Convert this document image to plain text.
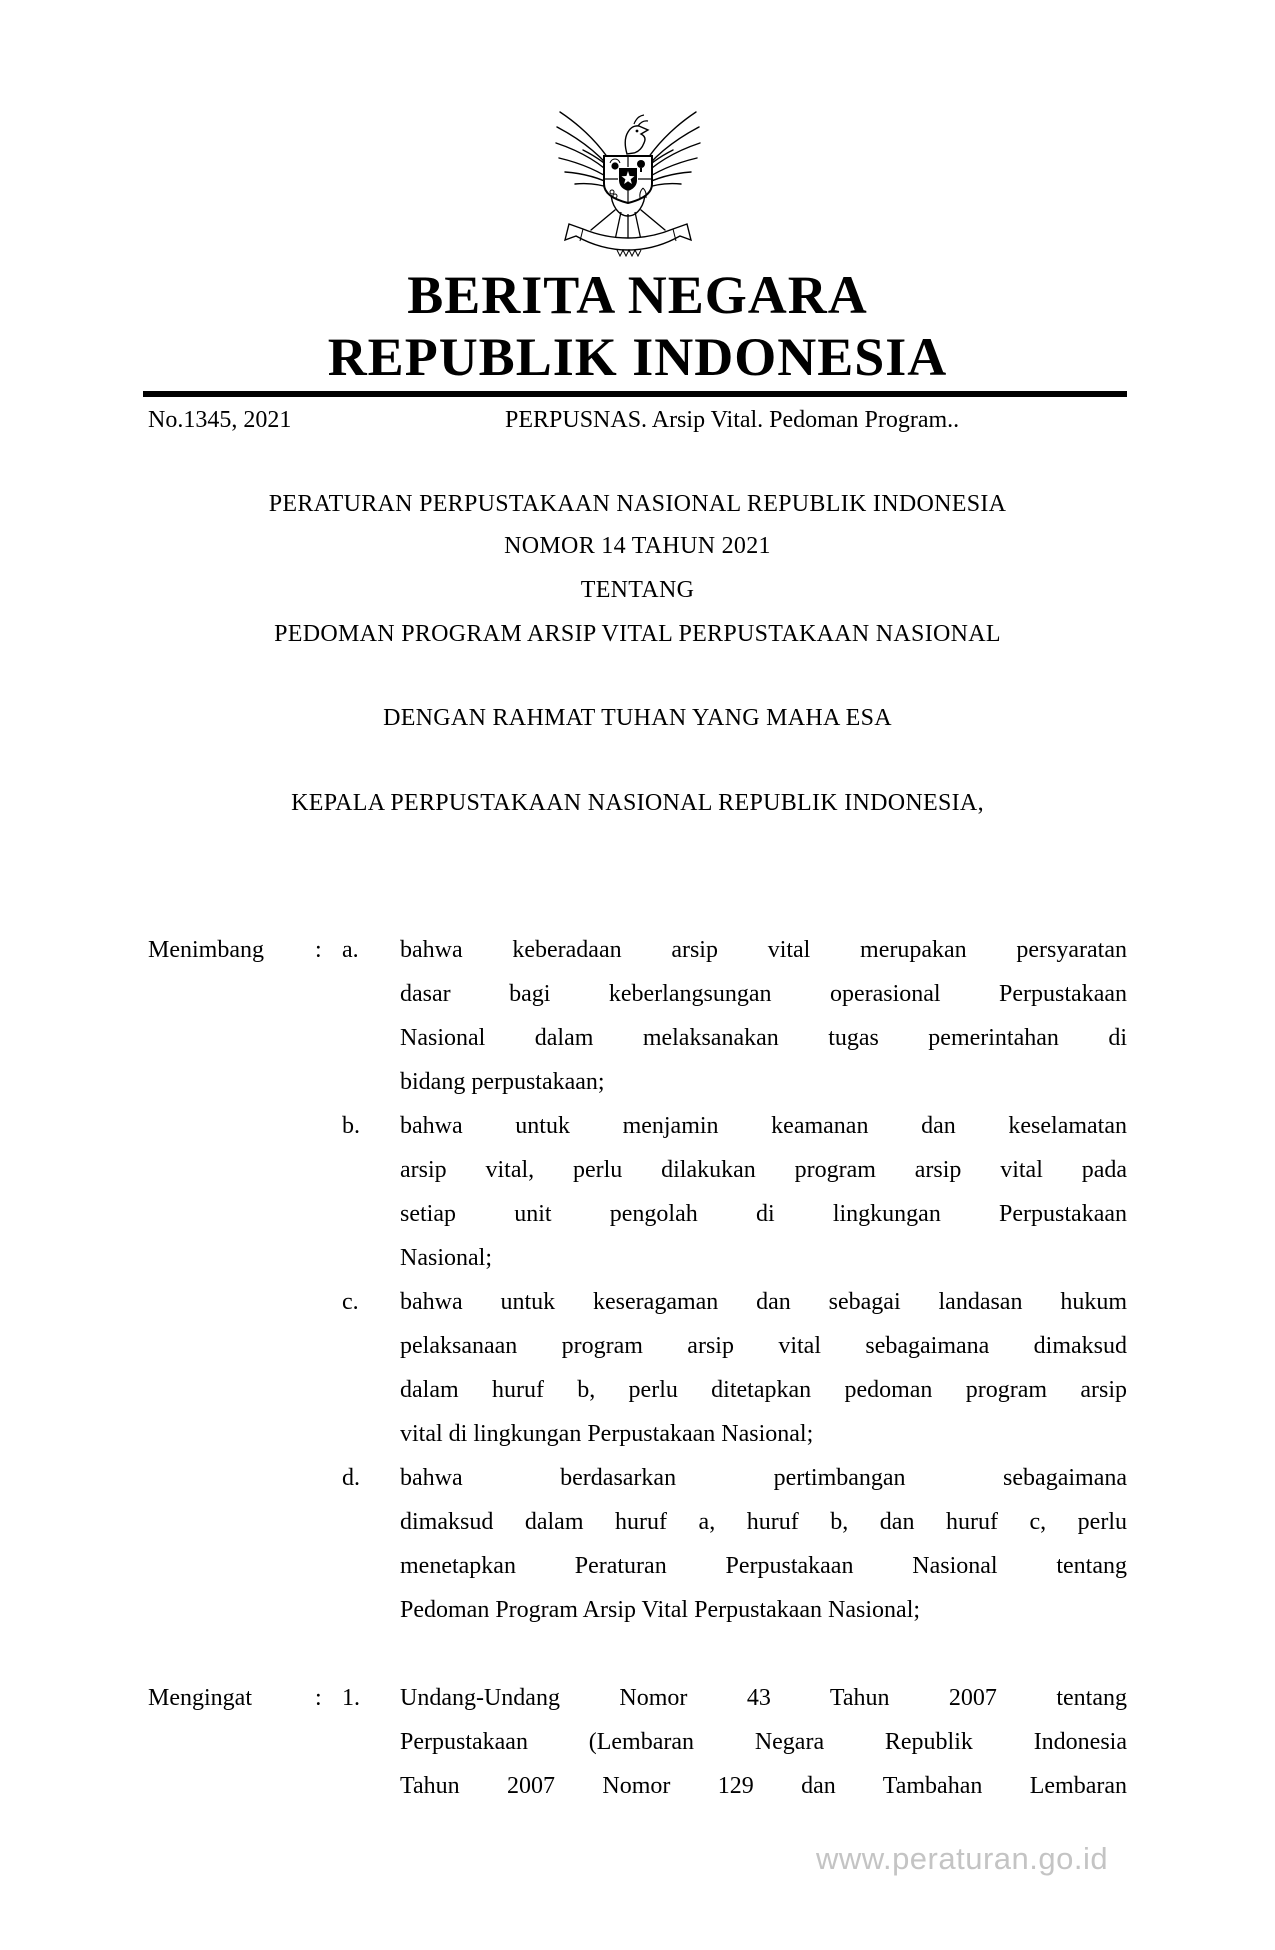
BERITA NEGARA
REPUBLIK INDONESIA
No.1345, 2021	PERPUSNAS. Arsip Vital. Pedoman Program..
PERATURAN PERPUSTAKAAN NASIONAL REPUBLIK INDONESIA
NOMOR 14 TAHUN 2021
TENTANG
PEDOMAN PROGRAM ARSIP VITAL PERPUSTAKAAN NASIONAL
DENGAN RAHMAT TUHAN YANG MAHA ESA
KEPALA PERPUSTAKAAN NASIONAL REPUBLIK INDONESIA,
Menimbang	: a.	bahwa keberadaan arsip vital merupakan persyaratan
dasar bagi keberlangsungan operasional Perpustakaan
Nasional dalam melaksanakan tugas pemerintahan di
bidang perpustakaan;
b.	bahwa untuk menjamin keamanan dan keselamatan
arsip vital, perlu dilakukan program arsip vital pada
setiap unit pengolah di lingkungan Perpustakaan
Nasional;
c.	bahwa untuk keseragaman dan sebagai landasan hukum
pelaksanaan program arsip vital sebagaimana dimaksud
dalam huruf b, perlu ditetapkan pedoman program arsip
vital di lingkungan Perpustakaan Nasional;
d.	bahwa berdasarkan pertimbangan sebagaimana
dimaksud dalam huruf a, huruf b, dan huruf c, perlu
menetapkan Peraturan Perpustakaan Nasional tentang
Pedoman Program Arsip Vital Perpustakaan Nasional;
Mengingat	: 1.	Undang-Undang Nomor 43 Tahun 2007 tentang
Perpustakaan (Lembaran Negara Republik Indonesia
Tahun 2007 Nomor 129 dan Tambahan Lembaran
www.peraturan.go.id
